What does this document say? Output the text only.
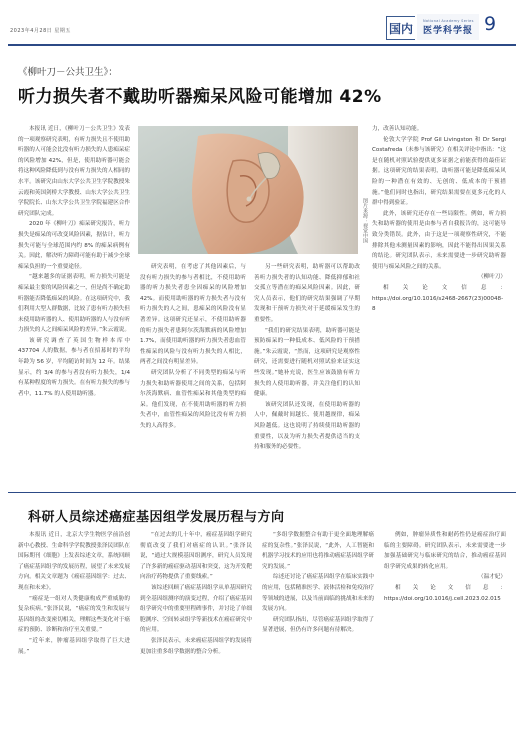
2023年4月28日 星期五	国内
National Academy Series
医学科学报 9
《柳叶刀－公共卫生》：
听力损失者不戴助听器痴呆风险可能增加 42%
图片来源：视觉中国

本报讯 近日，《柳叶刀－公共卫生》发表的一项观察研究表明，有听力损失且不使用助听器的人可能会比没有听力损失的人患痴呆症的风险增加 42%，但是，使用助听器可能会将这种风险降低到与没有听力损失的人相同的水平。该研究由山东大学公共卫生学院教授朱云霞和英国剑桥大学教授、山东大学公共卫生学院院长、山东大学公共卫生学院福建区合作研究团队完成。

2020 年《柳叶刀》痴呆研究报告，听力损失是痴呆的可改变风险因素，据估计，听力损失可能与全球范围内约 8% 的痴呆病例有关。因此，解决听力障碍可能有助于减少全球痴呆负担的一个重要途径。

“越来越多的证据表明，听力损失可能是痴呆最主要的风险因素之一，但是尚不确定助听器能否降低痴呆的风险。在这项研究中，我们利用大型人群数据，比较了患有听力损失但未使用助听器的人、使用助听器的人与没有听力损失的人之间痴呆风险的差异。”朱云霞说。

该研究调查了英国生物样本库中 437704 人的数据，参与者在招募时的平均年龄为 56 岁，平均随访时间为 12 年。结果显示，约 3/4 的参与者没有听力损失，1/4 有某种程度的听力损失。在有听力损失的参与者中，11.7% 的人使用助听器。

研究表明，在考虑了其他因素后，与没有听力损失的参与者相比，不使用助听器的听力损失者患全因痴呆的风险增加 42%。而使用助听器的听力损失者与没有听力损失的人之间，患痴呆的风险没有显著差异。这项研究还显示，不使用助听器的听力损失者患阿尔茨海默病的风险增加 1.7%，而使用助听器的听力损失者患血管性痴呆的风险与没有听力损失的人相比，两者之间没有明显差异。

研究团队分析了不同类型的痴呆与听力损失和助听器使用之间的关系，包括阿尔茨海默病、血管性痴呆和其他类型的痴呆。他们发现，在不使用助听器的听力损失者中，血管性痴呆的风险比没有听力损失的人高得多。

另一些研究表明，助听器可以帮助改善听力损失者的认知功能、降低抑郁和社交孤立等潜在的痴呆风险因素。因此，研究人员表示，他们的研究结果强调了早期发现和干预听力损失对于延缓痴呆发生的重要性。

“我们的研究结果表明，助听器可能是预防痴呆的一种低成本、低风险的干预措施。”朱云霞说，“然而，这项研究是观察性研究，还需要进行随机对照试验来证实这些发现。”她补充说，医生应该鼓励有听力损失的人使用助听器，并关注他们的认知健康。

该研究团队还发现，在使用助听器的人中，佩戴时间越长、使用越规律，痴呆风险越低。这也说明了持续使用助听器的重要性，以及为听力损失者提供适当的支持和服务的必要性。

力，改善认知功能。

伦敦大学学院 Prof Gil Livingston 和 Dr Sergi Costafreda（未参与该研究）在相关评论中指出：“这是在随机对照试验提供更多证据之前能获得的最佳证据。这项研究的结果表明，助听器可能是降低痴呆风险的一种潜在有效的、无创的、低成本的干预措施。”他们同时也指出，研究结果需要在更多元化的人群中得到验证。

此外，该研究还存在一些局限性。例如，听力损失和助听器的使用是由参与者自我报告的，这可能导致分类错误。此外，由于这是一项观察性研究，不能排除其他未测量因素的影响，因此不能得出因果关系的结论。研究团队表示，未来需要进一步研究助听器使用与痴呆风险之间的关系。

（柳叶刀）

相关论文信息：https://doi.org/10.1016/s2468-2667(23)00048-8

科研人员综述癌症基因组学发展历程与方向

本报讯 近日，北京大学生物医学前沿创新中心教授、生命科学学院教授张泽民团队在国际期刊《细胞》上发表综述文章，系统回顾了癌症基因组学的发展历程，展望了未来发展方向。相关文章题为《癌症基因组学：过去、现在和未来》。

“癌症是一组对人类健康构成严重威胁的复杂疾病。”张泽民说，“癌症的发生和发展与基因组的改变密切相关，理解这些变化对于癌症的预防、诊断和治疗至关重要。”

“近年来，肿瘤基因组学取得了巨大进展。”

“在过去的几十年中，癌症基因组学研究彻底改变了我们对癌症的认识。”张泽民说，“通过大规模基因组测序，研究人员发现了许多新的癌症驱动基因和突变，这为开发靶向治疗药物提供了重要线索。”

该综述回顾了癌症基因组学从单基因研究到全基因组测序的演变过程，介绍了癌症基因组学研究中的重要里程碑事件，并讨论了单细胞测序、空间转录组学等新技术在癌症研究中的应用。

张泽民表示，未来癌症基因组学的发展将更加注重多组学数据的整合分析。

“多组学数据整合有助于更全面地理解癌症的复杂性。”张泽民说，“此外，人工智能和机器学习技术的应用也将推动癌症基因组学研究的发展。”

综述还讨论了癌症基因组学在临床实践中的应用，包括精准医学、液体活检和免疫治疗等领域的进展，以及当前面临的挑战和未来的发展方向。

研究团队指出，尽管癌症基因组学取得了显著进展，但仍有许多问题有待解决。

例如，肿瘤异质性和耐药性仍是癌症治疗面临的主要障碍。研究团队表示，未来需要进一步加强基础研究与临床研究的结合，推动癌症基因组学研究成果的转化应用。

（温才妃）

相关论文信息：https://doi.org/10.1016/j.cell.2023.02.015
